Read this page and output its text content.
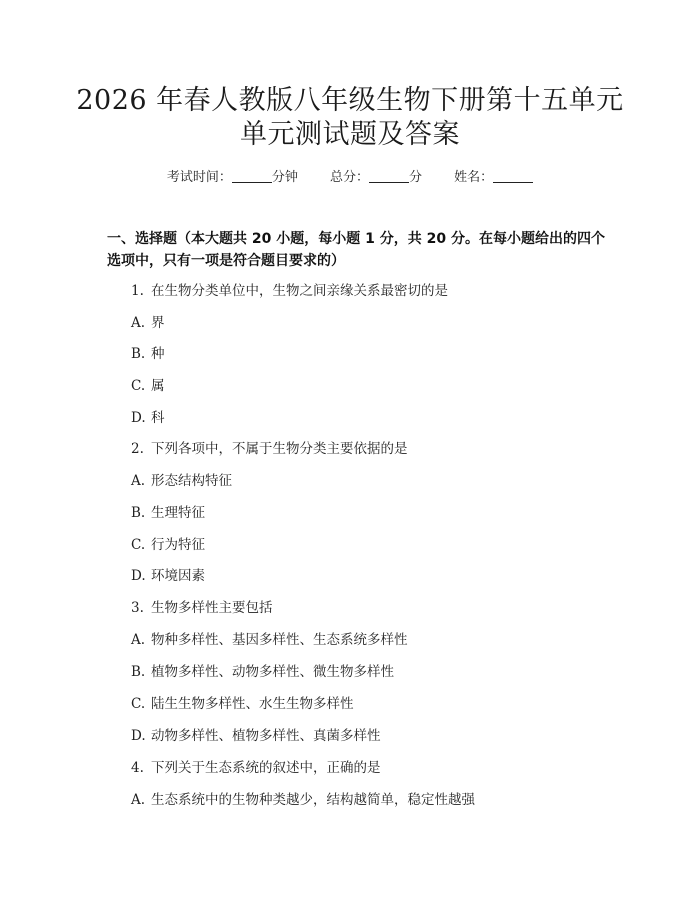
2026 年春人教版八年级生物下册第十五单元
单元测试题及答案
考试时间：	分钟 总分：	分 姓名：
一、选择题（本大题共 20 小题，每小题 1 分，共 20 分。在每小题给出的四个选项中，只有一项是符合题目要求的）
1. 在生物分类单位中，生物之间亲缘关系最密切的是
A. 界
B. 种
C. 属
D. 科
2. 下列各项中，不属于生物分类主要依据的是
A. 形态结构特征
B. 生理特征
C. 行为特征
D. 环境因素
3. 生物多样性主要包括
A. 物种多样性、基因多样性、生态系统多样性
B. 植物多样性、动物多样性、微生物多样性
C. 陆生生物多样性、水生生物多样性
D. 动物多样性、植物多样性、真菌多样性
4. 下列关于生态系统的叙述中，正确的是
A. 生态系统中的生物种类越少，结构越简单，稳定性越强
